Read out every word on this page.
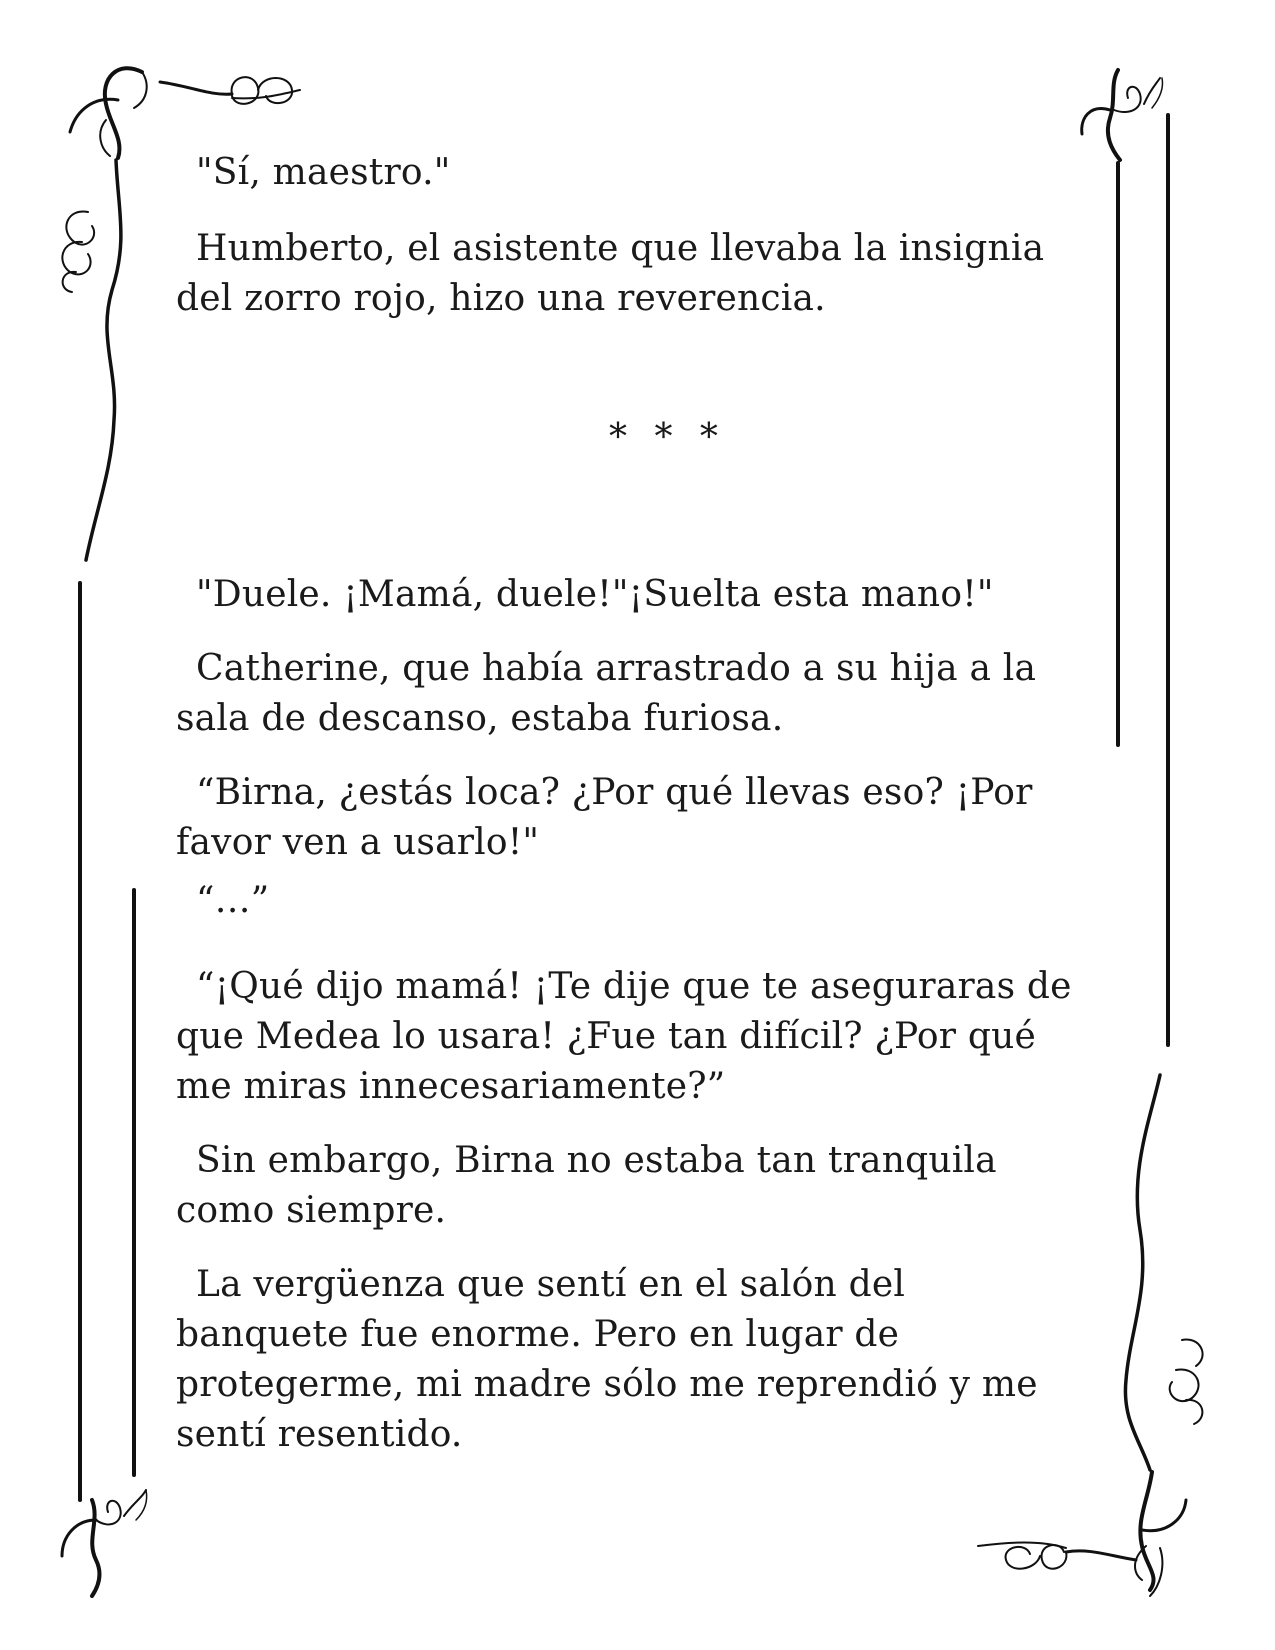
"Sí, maestro."

Humberto, el asistente que llevaba la insignia

del zorro rojo, hizo una reverencia.

* * *

"Duele. ¡Mamá, duele!"¡Suelta esta mano!"

Catherine, que había arrastrado a su hija a la

sala de descanso, estaba furiosa.

“Birna, ¿estás loca? ¿Por qué llevas eso? ¡Por

favor ven a usarlo!"

“…”

“¡Qué dijo mamá! ¡Te dije que te aseguraras de

que Medea lo usara! ¿Fue tan difícil? ¿Por qué

me miras innecesariamente?”

Sin embargo, Birna no estaba tan tranquila

como siempre.

La vergüenza que sentí en el salón del

banquete fue enorme. Pero en lugar de

protegerme, mi madre sólo me reprendió y me

sentí resentido.
